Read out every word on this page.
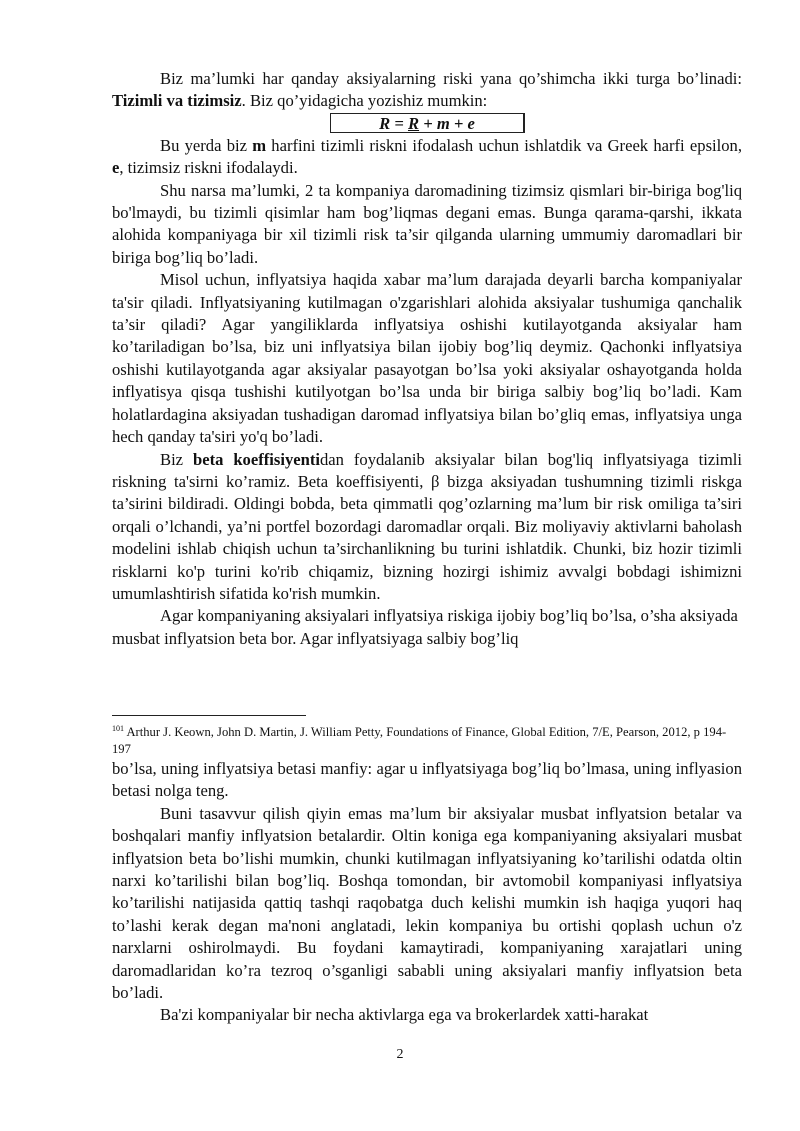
Biz ma’lumki har qanday aksiyalarning riski yana qo’shimcha ikki turga bo’linadi: Tizimli va tizimsiz. Biz qo’yidagicha yozishiz mumkin:

R = R + m + e

Bu yerda biz m harfini tizimli riskni ifodalash uchun ishlatdik va Greek harfi epsilon, e, tizimsiz riskni ifodalaydi.

Shu narsa ma’lumki, 2 ta kompaniya daromadining tizimsiz qismlari bir-biriga bog'liq bo'lmaydi, bu tizimli qisimlar ham bog’liqmas degani emas. Bunga qarama-qarshi, ikkata alohida kompaniyaga bir xil tizimli risk ta’sir qilganda ularning ummumiy daromadlari bir biriga bog’liq bo’ladi.

Misol uchun, inflyatsiya haqida xabar ma’lum darajada deyarli barcha kompaniyalar ta'sir qiladi. Inflyatsiyaning kutilmagan o'zgarishlari alohida aksiyalar tushumiga qanchalik ta’sir qiladi? Agar yangiliklarda inflyatsiya oshishi kutilayotganda aksiyalar ham ko’tariladigan bo’lsa, biz uni inflyatsiya bilan ijobiy bog’liq deymiz. Qachonki inflyatsiya oshishi kutilayotganda agar aksiyalar pasayotgan bo’lsa yoki aksiyalar oshayotganda holda inflyatisya qisqa tushishi kutilyotgan bo’lsa unda bir biriga salbiy bog’liq bo’ladi. Kam holatlardagina aksiyadan tushadigan daromad inflyatsiya bilan bo’gliq emas, inflyatsiya unga hech qanday ta'siri yo'q bo’ladi.

Biz beta koeffisiyentidan foydalanib aksiyalar bilan bog'liq inflyatsiyaga tizimli riskning ta'sirni ko’ramiz. Beta koeffisiyenti, β bizga aksiyadan tushumning tizimli riskga ta’sirini bildiradi. Oldingi bobda, beta qimmatli qog’ozlarning ma’lum bir risk omiliga ta’siri orqali o’lchandi, ya’ni portfel bozordagi daromadlar orqali. Biz moliyaviy aktivlarni baholash modelini ishlab chiqish uchun ta’sirchanlikning bu turini ishlatdik. Chunki, biz hozir tizimli risklarni ko'p turini ko'rib chiqamiz, bizning hozirgi ishimiz avvalgi bobdagi ishimizni umumlashtirish sifatida ko'rish mumkin.

Agar kompaniyaning aksiyalari inflyatsiya riskiga ijobiy bog’liq bo’lsa, o’sha aksiyada musbat inflyatsion beta bor. Agar inflyatsiyaga salbiy bog’liq

$^{101}$ Arthur J. Keown, John D. Martin, J. William Petty, Foundations of Finance, Global Edition, 7/E, Pearson, 2012, p 194-197

bo’lsa, uning inflyatsiya betasi manfiy: agar u inflyatsiyaga bog’liq bo’lmasa, uning inflyasion betasi nolga teng.

Buni tasavvur qilish qiyin emas ma’lum bir aksiyalar musbat inflyatsion betalar va boshqalari manfiy inflyatsion betalardir. Oltin koniga ega kompaniyaning aksiyalari musbat inflyatsion beta bo’lishi mumkin, chunki kutilmagan inflyatsiyaning ko’tarilishi odatda oltin narxi ko’tarilishi bilan bog’liq. Boshqa tomondan, bir avtomobil kompaniyasi inflyatsiya ko’tarilishi natijasida qattiq tashqi raqobatga duch kelishi mumkin ish haqiga yuqori haq to’lashi kerak degan ma'noni anglatadi, lekin kompaniya bu ortishi qoplash uchun o'z narxlarni oshirolmaydi. Bu foydani kamaytiradi, kompaniyaning xarajatlari uning daromadlaridan ko’ra tezroq o’sganligi sababli uning aksiyalari manfiy inflyatsion beta bo’ladi.

Ba'zi kompaniyalar bir necha aktivlarga ega va brokerlardek xatti-harakat

2
